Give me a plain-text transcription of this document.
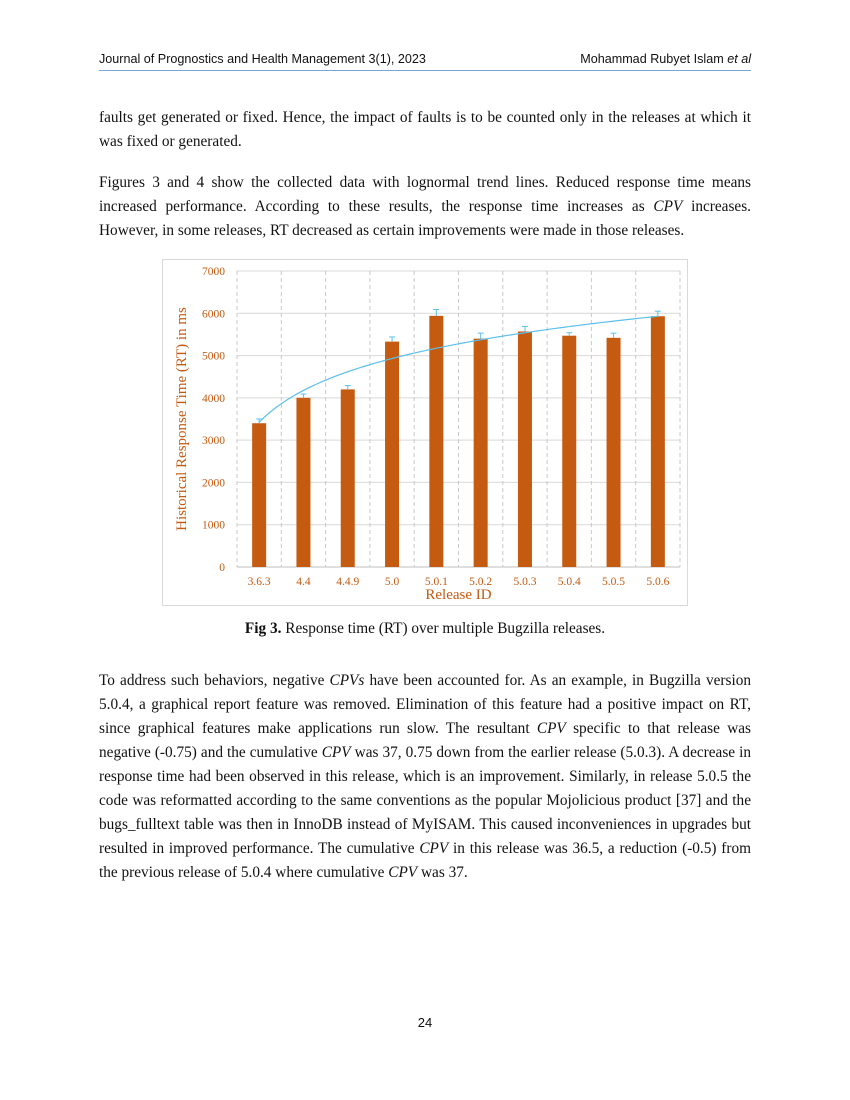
Journal of Prognostics and Health Management 3(1), 2023	Mohammad Rubyet Islam et al

faults get generated or fixed. Hence, the impact of faults is to be counted only in the releases at which it was fixed or generated.

Figures 3 and 4 show the collected data with lognormal trend lines. Reduced response time means increased performance. According to these results, the response time increases as CPV increases. However, in some releases, RT decreased as certain improvements were made in those releases.

0
1000
2000
3000
4000
5000
6000
7000
3.6.3 4.4 4.4.9 5.0 5.0.1 5.0.2 5.0.3 5.0.4 5.0.5 5.0.6
Release ID
Historical Response Time (RT) in ms
Fig 3. Response time (RT) over multiple Bugzilla releases.

To address such behaviors, negative CPVs have been accounted for. As an example, in Bugzilla version 5.0.4, a graphical report feature was removed. Elimination of this feature had a positive impact on RT, since graphical features make applications run slow. The resultant CPV specific to that release was negative (-0.75) and the cumulative CPV was 37, 0.75 down from the earlier release (5.0.3). A decrease in response time had been observed in this release, which is an improvement. Similarly, in release 5.0.5 the code was reformatted according to the same conventions as the popular Mojolicious product [37] and the bugs_fulltext table was then in InnoDB instead of MyISAM. This caused inconveniences in upgrades but resulted in improved performance. The cumulative CPV in this release was 36.5, a reduction (-0.5) from the previous release of 5.0.4 where cumulative CPV was 37.

24
